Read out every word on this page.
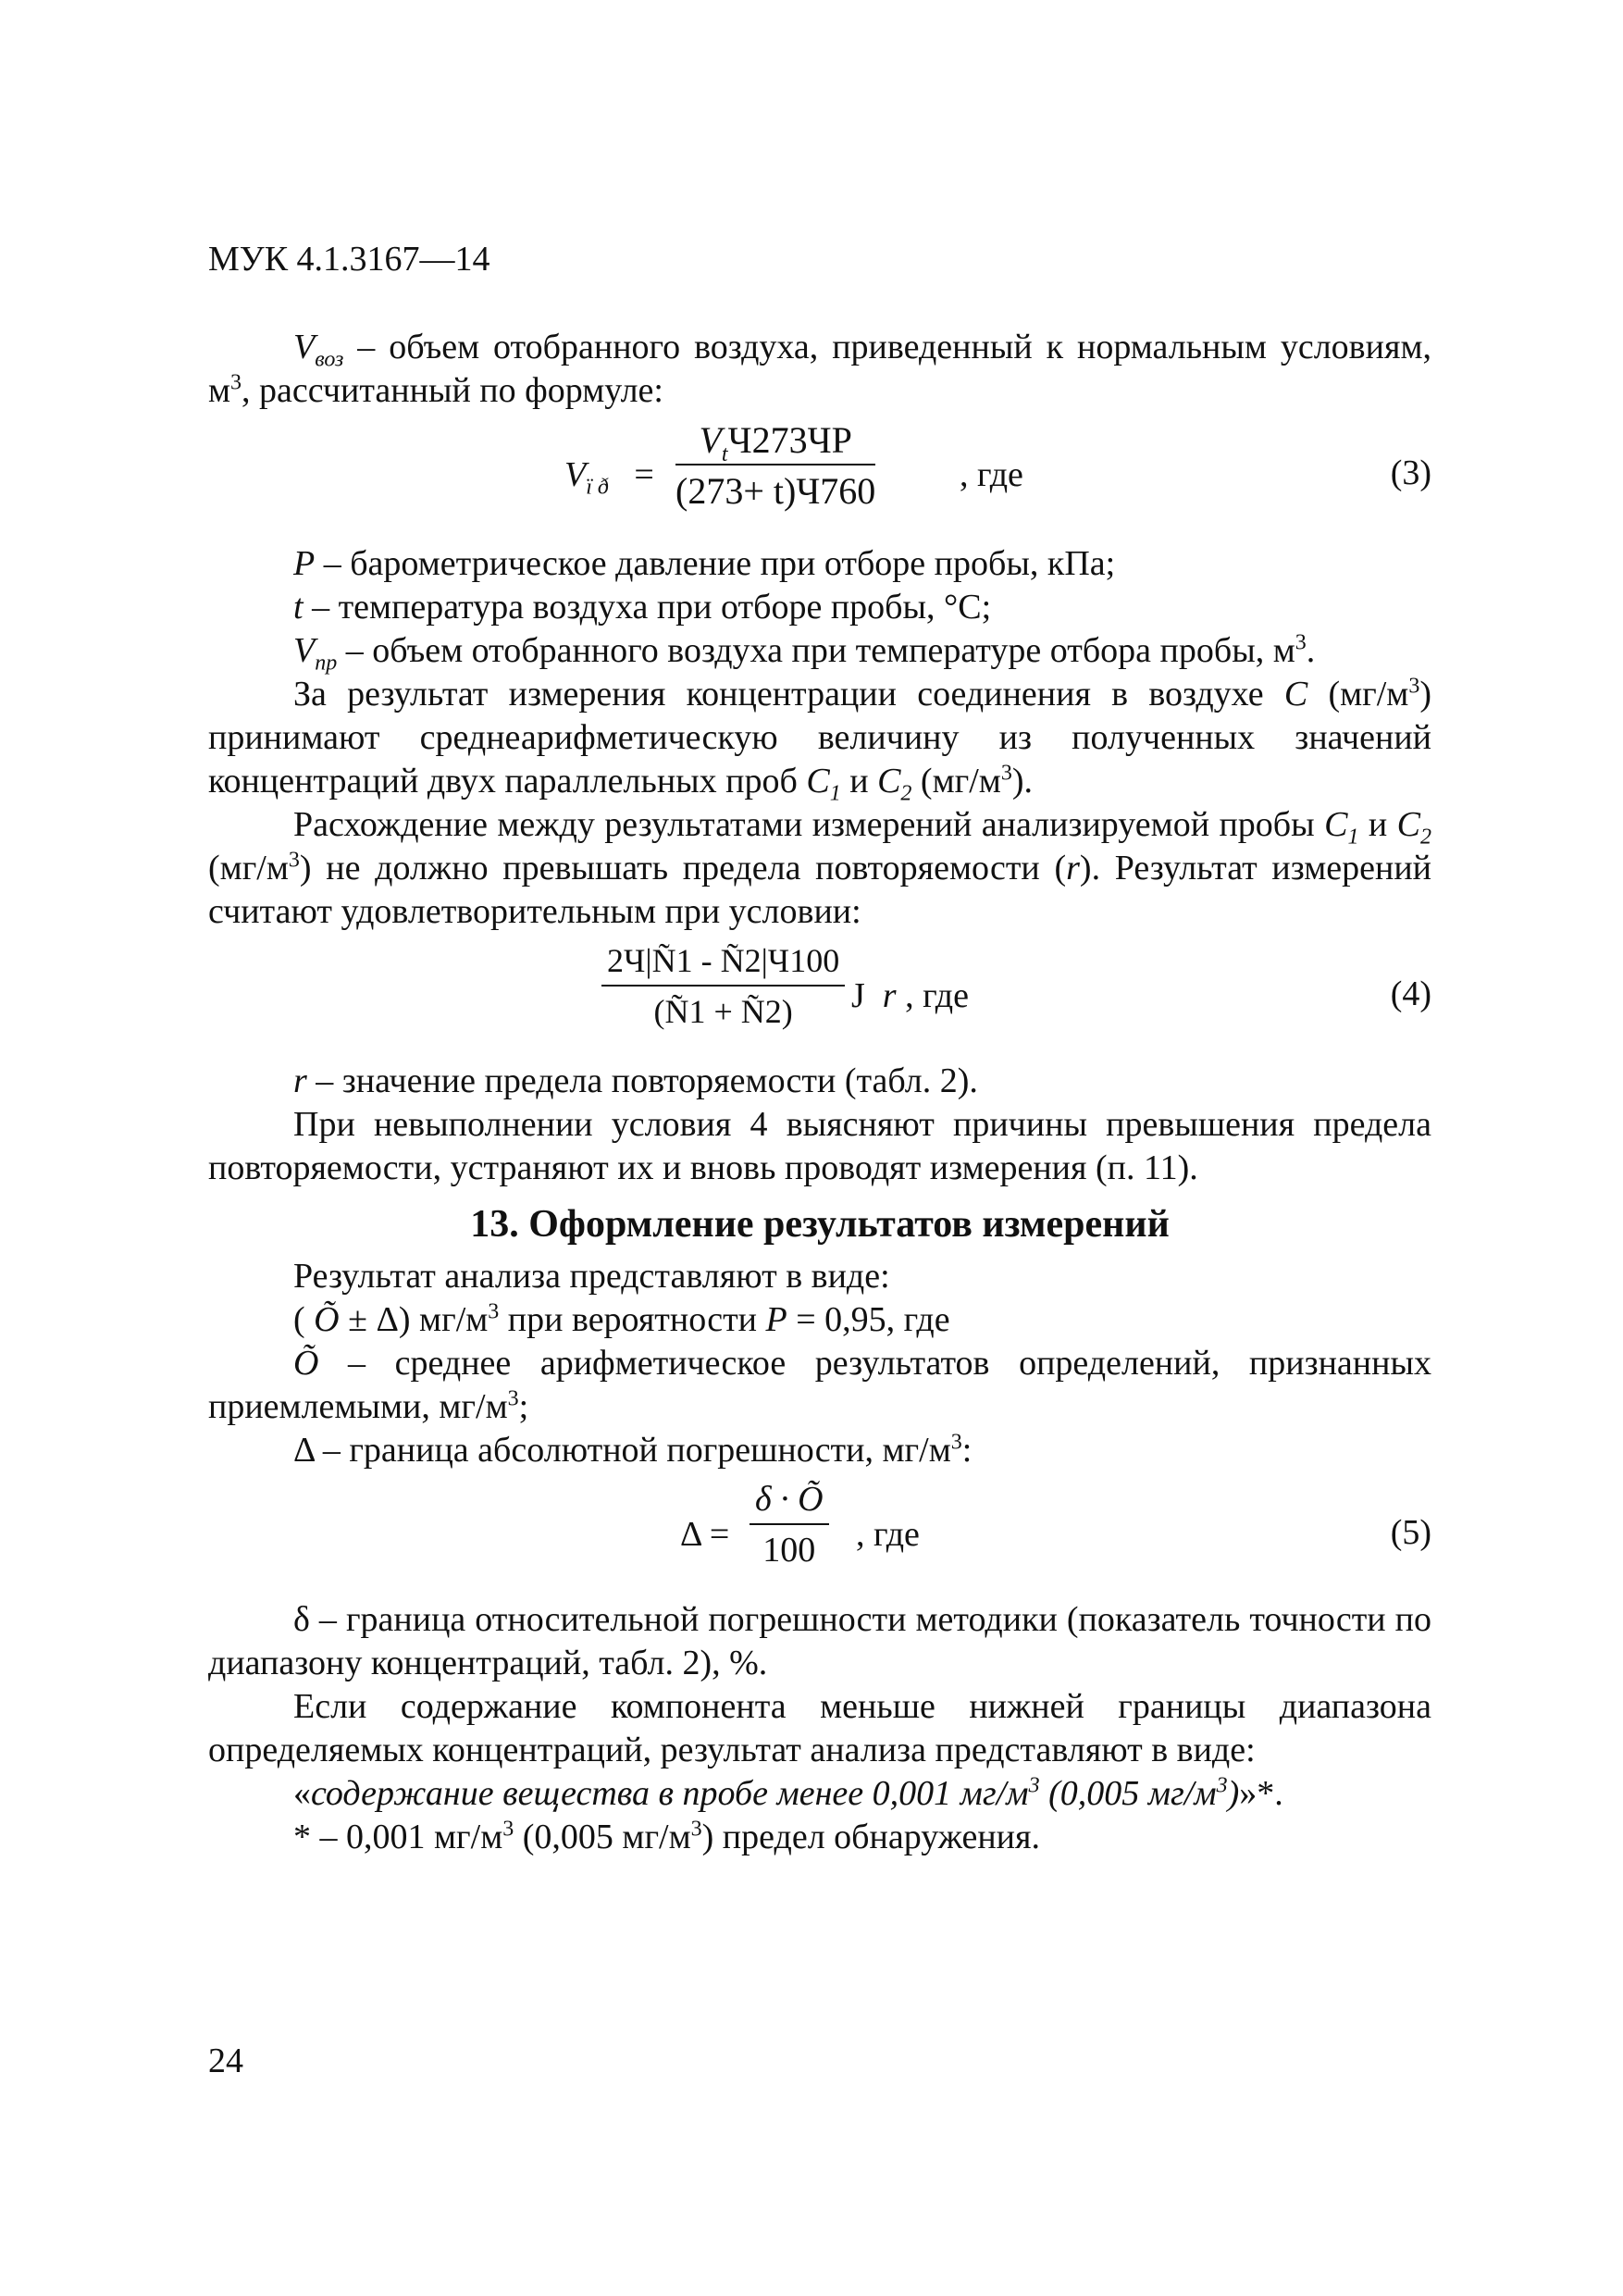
МУК 4.1.3167—14

$V_{воз}$ – объем отобранного воздуха, приведенный к нормальным условиям, $м^3$, рассчитанный по формуле:

$V_{ï ð}$ =
$V_tЧ273ЧP$
(273+ t)Ч760 , где	(3)

P – барометрическое давление при отборе пробы, кПа;

t – температура воздуха при отборе пробы, °С;

$V_{пр}$ – объем отобранного воздуха при температуре отбора пробы, $м^3$.

За результат измерения концентрации соединения в воздухе С $(мг/м^3)$ принимают среднеарифметическую величину из полученных значений концентраций двух параллельных проб $С_1$ и $С_2$ $(мг/м^3)$.

Расхождение между результатами измерений анализируемой пробы $С_1$ и $С_2$ $(мг/м^3)$ не должно превышать предела повторяемости (r). Результат измерений считают удовлетворительным при условии:

2Ч|Ñ1 - Ñ2|Ч100
(Ñ1 + Ñ2)	J r , где	(4)

r – значение предела повторяемости (табл. 2).

При невыполнении условия 4 выясняют причины превышения предела повторяемости, устраняют их и вновь проводят измерения (п. 11).

13. Оформление результатов измерений

Результат анализа представляют в виде:

( Õ ± Δ) $мг/м^3$ при вероятности Р = 0,95, где

Õ – среднее арифметическое результатов определений, признанных приемлемыми, $мг/м^3$;

Δ – граница абсолютной погрешности, $мг/м^3$:

$\Delta = \frac{\delta \cdot Õ}{100}$ , где	(5)

δ – граница относительной погрешности методики (показатель точности по диапазону концентраций, табл. 2), %.

Если содержание компонента меньше нижней границы диапазона определяемых концентраций, результат анализа представляют в виде:

«содержание вещества в пробе менее 0,001 $мг/м^3$ (0,005 $мг/м^3)»*$.

* – 0,001 $мг/м^3$ (0,005 $мг/м^3$) предел обнаружения.

24
